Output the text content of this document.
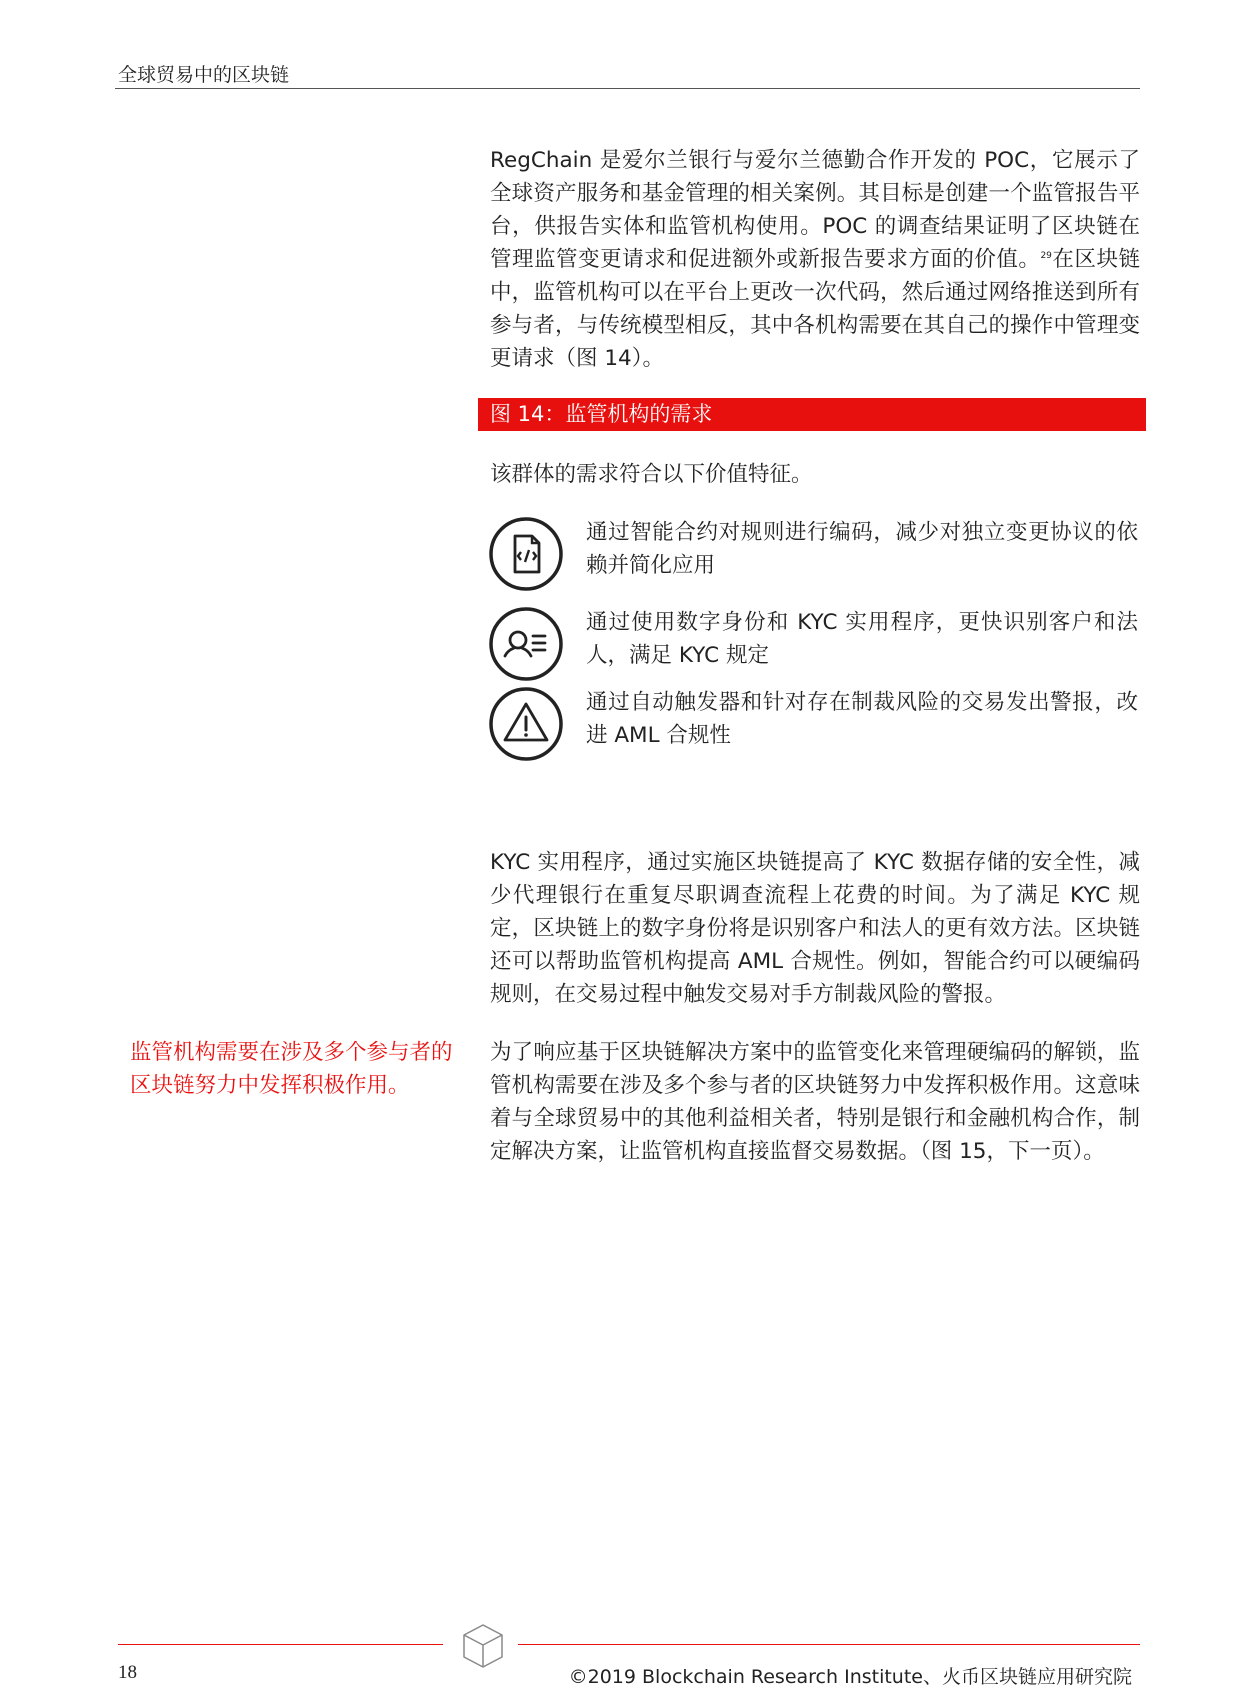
全球贸易中的区块链

RegChain 是爱尔兰银行与爱尔兰德勤合作开发的 POC，它展示了全球资产服务和基金管理的相关案例。其目标是创建一个监管报告平台，供报告实体和监管机构使用。POC 的调查结果证明了区块链在管理监管变更请求和促进额外或新报告要求方面的价值。$^{29}$在区块链中，监管机构可以在平台上更改一次代码，然后通过网络推送到所有参与者，与传统模型相反，其中各机构需要在其自己的操作中管理变更请求（图 14）。

图 14：监管机构的需求
该群体的需求符合以下价值特征。
通过智能合约对规则进行编码，减少对独立变更协议的依赖并简化应用
通过使用数字身份和 KYC 实用程序，更快识别客户和法人，满足 KYC 规定
通过自动触发器和针对存在制裁风险的交易发出警报，改进 AML 合规性

KYC 实用程序，通过实施区块链提高了 KYC 数据存储的安全性，减少代理银行在重复尽职调查流程上花费的时间。为了满足 KYC 规定，区块链上的数字身份将是识别客户和法人的更有效方法。区块链还可以帮助监管机构提高 AML 合规性。例如，智能合约可以硬编码规则，在交易过程中触发交易对手方制裁风险的警报。

监管机构需要在涉及多个参与者的区块链努力中发挥积极作用。

为了响应基于区块链解决方案中的监管变化来管理硬编码的解锁，监管机构需要在涉及多个参与者的区块链努力中发挥积极作用。这意味着与全球贸易中的其他利益相关者，特别是银行和金融机构合作，制定解决方案，让监管机构直接监督交易数据。（图 15，下一页）。

18	©2019 Blockchain Research Institute、火币区块链应用研究院
